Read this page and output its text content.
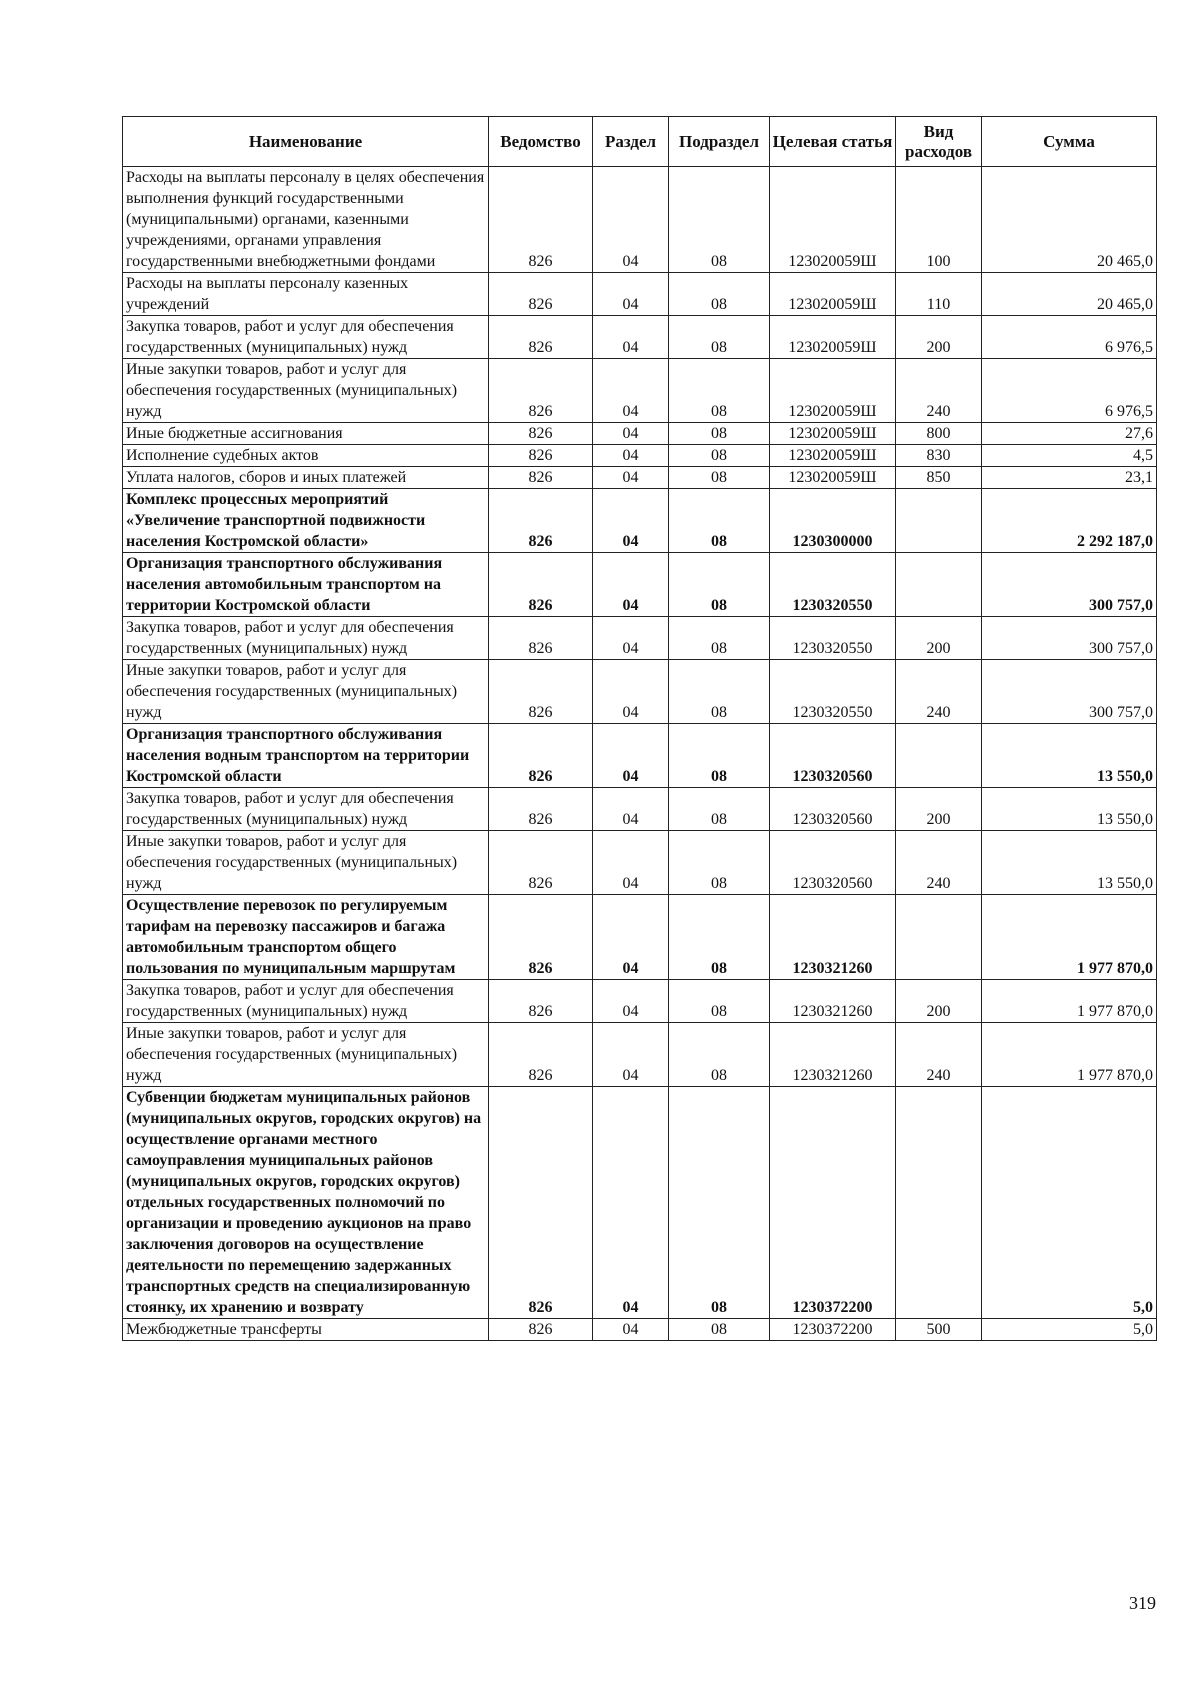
Наименование	Ведомство	Раздел	Подраздел	Целевая статья	Вид расходов	Сумма
Расходы на выплаты персоналу в целях обеспечения выполнения функций государственными (муниципальными) органами, казенными учреждениями, органами управления государственными внебюджетными фондами	826	04	08	123020059Ш	100	20 465,0
Расходы на выплаты персоналу казенных учреждений	826	04	08	123020059Ш	110	20 465,0
Закупка товаров, работ и услуг для обеспечения государственных (муниципальных) нужд	826	04	08	123020059Ш	200	6 976,5
Иные закупки товаров, работ и услуг для обеспечения государственных (муниципальных) нужд	826	04	08	123020059Ш	240	6 976,5
Иные бюджетные ассигнования	826	04	08	123020059Ш	800	27,6
Исполнение судебных актов	826	04	08	123020059Ш	830	4,5
Уплата налогов, сборов и иных платежей	826	04	08	123020059Ш	850	23,1
Комплекс процессных мероприятий «Увеличение транспортной подвижности населения Костромской области»	826	04	08	1230300000		2 292 187,0
Организация транспортного обслуживания населения автомобильным транспортом на территории Костромской области	826	04	08	1230320550		300 757,0
Закупка товаров, работ и услуг для обеспечения государственных (муниципальных) нужд	826	04	08	1230320550	200	300 757,0
Иные закупки товаров, работ и услуг для обеспечения государственных (муниципальных) нужд	826	04	08	1230320550	240	300 757,0
Организация транспортного обслуживания населения водным транспортом на территории Костромской области	826	04	08	1230320560		13 550,0
Закупка товаров, работ и услуг для обеспечения государственных (муниципальных) нужд	826	04	08	1230320560	200	13 550,0
Иные закупки товаров, работ и услуг для обеспечения государственных (муниципальных) нужд	826	04	08	1230320560	240	13 550,0
Осуществление перевозок по регулируемым тарифам на перевозку пассажиров и багажа автомобильным транспортом общего пользования по муниципальным маршрутам	826	04	08	1230321260		1 977 870,0
Закупка товаров, работ и услуг для обеспечения государственных (муниципальных) нужд	826	04	08	1230321260	200	1 977 870,0
Иные закупки товаров, работ и услуг для обеспечения государственных (муниципальных) нужд	826	04	08	1230321260	240	1 977 870,0
Субвенции бюджетам муниципальных районов (муниципальных округов, городских округов) на осуществление органами местного самоуправления муниципальных районов (муниципальных округов, городских округов) отдельных государственных полномочий по организации и проведению аукционов на право заключения договоров на осуществление деятельности по перемещению задержанных транспортных средств на специализированную стоянку, их хранению и возврату	826	04	08	1230372200		5,0
Межбюджетные трансферты	826	04	08	1230372200	500	5,0
319
